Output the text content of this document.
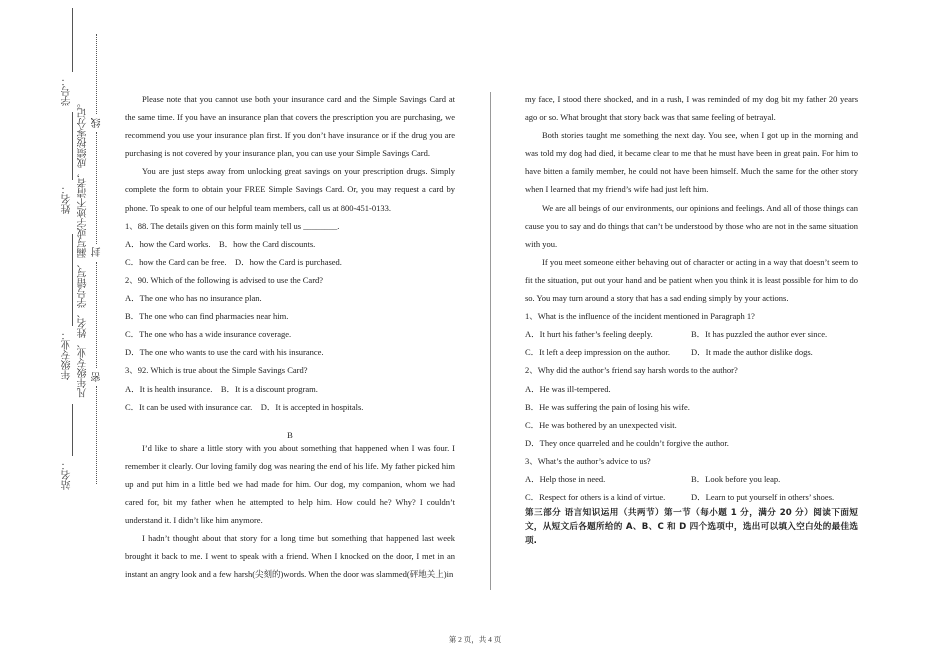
学号：
姓名：
年级专业：
站名：
凡年级专业、姓名、学号错写、漏写或字迹不清者，成绩按零分记。 线
封
密

Please note that you cannot use both your insurance card and the Simple Savings Card at the same time. If you have an insurance plan that covers the prescription you are purchasing, we recommend you use your insurance plan first. If you don’t have insurance or if the drug you are purchasing is not covered by your insurance plan, you can use your Simple Savings Card.

You are just steps away from unlocking great savings on your prescription drugs. Simply complete the form to obtain your FREE Simple Savings Card. Or, you may request a card by phone. To speak to one of our helpful team members, call us at 800-451-0133.

1、88. The details given on this form mainly tell us ________.

A．how the Card works. B．how the Card discounts.

C．how the Card can be free. D．how the Card is purchased.

2、90. Which of the following is advised to use the Card?

A．The one who has no insurance plan.

B．The one who can find pharmacies near him.

C．The one who has a wide insurance coverage.

D．The one who wants to use the card with his insurance.

3、92. Which is true about the Simple Savings Card?

A．It is health insurance. B．It is a discount program.

C．It can be used with insurance car. D．It is accepted in hospitals.

B

I’d like to share a little story with you about something that happened when I was four. I remember it clearly. Our loving family dog was nearing the end of his life. My father picked him up and put him in a little bed we had made for him. Our dog, my companion, whom we had cared for, bit my father when he attempted to help him. How could he? Why? I couldn’t understand it. I didn’t like him anymore.

I hadn’t thought about that story for a long time but something that happened last week brought it back to me. I went to speak with a friend. When I knocked on the door, I met in an instant an angry look and a few harsh(尖刻的)words. When the door was slammed(砰地关上)in

my face, I stood there shocked, and in a rush, I was reminded of my dog bit my father 20 years ago or so. What brought that story back was that same feeling of betrayal.

Both stories taught me something the next day. You see, when I got up in the morning and was told my dog had died, it became clear to me that he must have been in great pain. For him to have bitten a family member, he could not have been himself. Much the same for the other story when I learned that my friend’s wife had just left him.

We are all beings of our environments, our opinions and feelings. And all of those things can cause you to say and do things that can’t be understood by those who are not in the same situation with you.

If you meet someone either behaving out of character or acting in a way that doesn’t seem to fit the situation, put out your hand and be patient when you think it is least possible for him to do so. You may turn around a story that has a sad ending simply by your actions.

1、What is the influence of the incident mentioned in Paragraph 1?

A．It hurt his father’s feeling deeply.	B．It has puzzled the author ever since.
C．It left a deep impression on the author.	D．It made the author dislike dogs.

2、Why did the author’s friend say harsh words to the author?

A．He was ill-tempered.

B．He was suffering the pain of losing his wife.

C．He was bothered by an unexpected visit.

D．They once quarreled and he couldn’t forgive the author.

3、What’s the author’s advice to us?

A．Help those in need.	B．Look before you leap.
C．Respect for others is a kind of virtue.	D．Learn to put yourself in others’ shoes.

第三部分 语言知识运用（共两节）第一节（每小题 1 分，满分 20 分）阅读下面短文，从短文后各题所给的 A、B、C 和 D 四个选项中，选出可以填入空白处的最佳选项.

第 2 页，共 4 页
